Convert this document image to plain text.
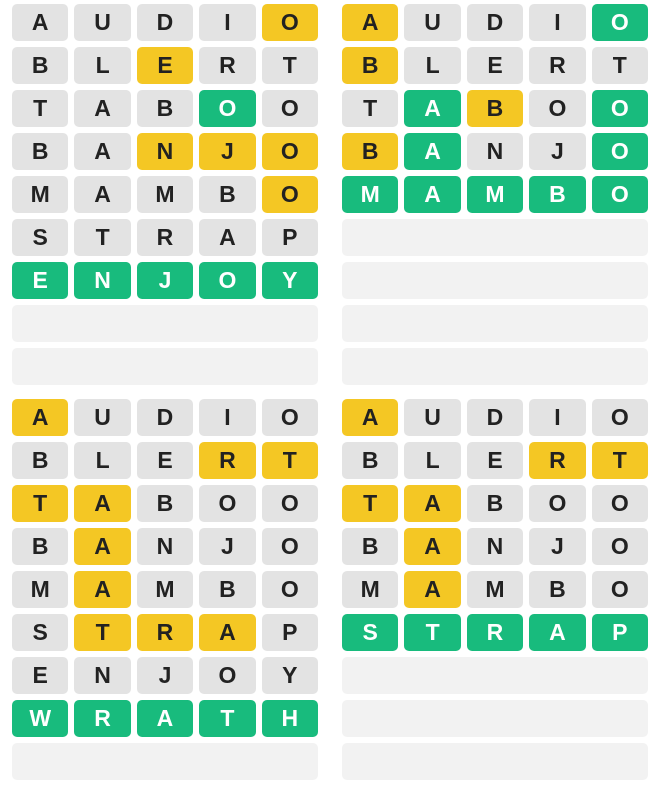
A	U	D	I	O
B	L	E	R	T
T	A	B	O	O
B	A	N	J	O
M	A	M	B	O
S	T	R	A	P
E	N	J	O	Y
A	U	D	I	O
B	L	E	R	T
T	A	B	O	O
B	A	N	J	O
M	A	M	B	O
A	U	D	I	O
B	L	E	R	T
T	A	B	O	O
B	A	N	J	O
M	A	M	B	O
S	T	R	A	P
E	N	J	O	Y
W	R	A	T	H
A	U	D	I	O
B	L	E	R	T
T	A	B	O	O
B	A	N	J	O
M	A	M	B	O
S	T	R	A	P
